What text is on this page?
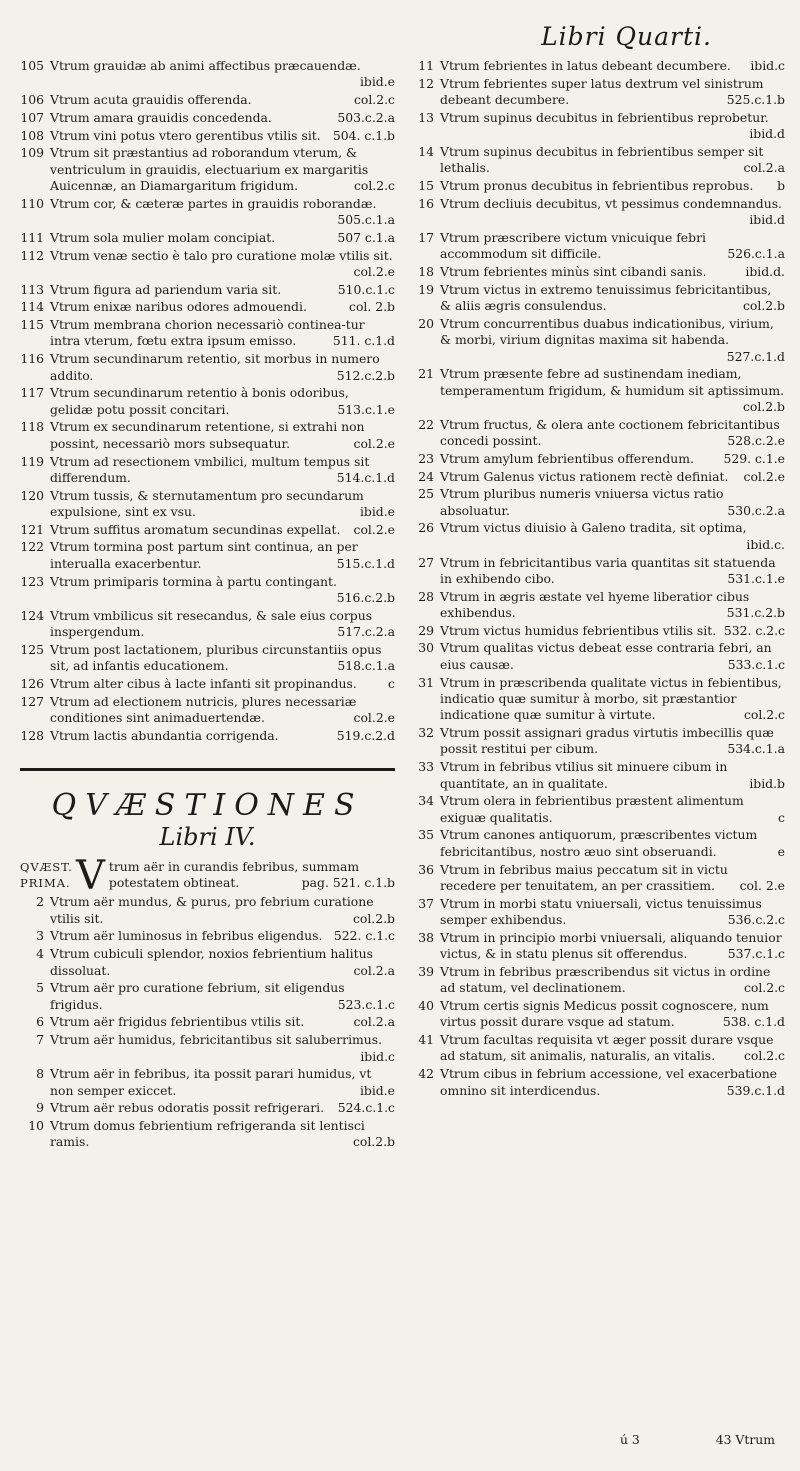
Libri Quarti.
105 Vtrum grauidæ ab animi affectibus præcauendæ.
ibid.e
106 Vtrum acuta grauidis offerenda.	col.2.c
107 Vtrum amara grauidis concedenda.	503.c.2.a
108 Vtrum vini potus vtero gerentibus vtilis sit. 504. c.1.b
109 Vtrum sit præstantius ad roborandum vterum, & ventriculum in grauidis, electuarium ex margaritis Auicennæ, an Diamargaritum frigidum.	col.2.c
110 Vtrum cor, & cæteræ partes in grauidis roborandæ.
505.c.1.a
111 Vtrum sola mulier molam concipiat.	507 c.1.a
112 Vtrum venæ sectio è talo pro curatione molæ vtilis sit.
col.2.e
113 Vtrum figura ad pariendum varia sit.	510.c.1.c
114 Vtrum enixæ naribus odores admouendi.	col. 2.b
115 Vtrum membrana chorion necessariò continea-tur intra vterum, fœtu extra ipsum emisso.	511. c.1.d
116 Vtrum secundinarum retentio, sit morbus in numero addito.	512.c.2.b
117 Vtrum secundinarum retentio à bonis odoribus, gelidæ potu possit concitari.	513.c.1.e
118 Vtrum ex secundinarum retentione, si extrahi non possint, necessariò mors subsequatur.	col.2.e
119 Vtrum ad resectionem vmbilici, multum tempus sit differendum.	514.c.1.d
120 Vtrum tussis, & sternutamentum pro secundarum expulsione, sint ex vsu.	ibid.e
121 Vtrum suffitus aromatum secundinas expellat. col.2.e
122 Vtrum tormina post partum sint continua, an per interualla exacerbentur.	515.c.1.d
123 Vtrum primiparis tormina à partu contingant.
516.c.2.b
124 Vtrum vmbilicus sit resecandus, & sale eius corpus inspergendum.	517.c.2.a
125 Vtrum post lactationem, pluribus circunstantiis opus sit, ad infantis educationem.	518.c.1.a
126 Vtrum alter cibus à lacte infanti sit propinandus.	c
127 Vtrum ad electionem nutricis, plures necessariæ conditiones sint animaduertendæ.	col.2.e
128 Vtrum lactis abundantia corrigenda.	519.c.2.d
QVÆSTIONES
Libri IV.
QVÆST. PRIMA. Vtrum aër in curandis febribus, summam potestatem obtineat.	pag. 521. c.1.b
2 Vtrum aër mundus, & purus, pro febrium curatione vtilis sit.	col.2.b
3 Vtrum aër luminosus in febribus eligendus. 522. c.1.c
4 Vtrum cubiculi splendor, noxios febrientium halitus dissoluat.	col.2.a
5 Vtrum aër pro curatione febrium, sit eligendus frigidus.	523.c.1.c
6 Vtrum aër frigidus febrientibus vtilis sit.	col.2.a
7 Vtrum aër humidus, febricitantibus sit saluberrimus.
ibid.c
8 Vtrum aër in febribus, ita possit parari humidus, vt non semper exiccet.	ibid.e
9 Vtrum aër rebus odoratis possit refrigerari. 524.c.1.c
10 Vtrum domus febrientium refrigeranda sit lentisci ramis.	col.2.b
11 Vtrum febrientes in latus debeant decumbere. ibid.c
12 Vtrum febrientes super latus dextrum vel sinistrum debeant decumbere.	525.c.1.b
13 Vtrum supinus decubitus in febrientibus reprobetur.
ibid.d
14 Vtrum supinus decubitus in febrientibus semper sit lethalis.	col.2.a
15 Vtrum pronus decubitus in febrientibus reprobus. b
16 Vtrum decliuis decubitus, vt pessimus condemnandus.
ibid.d
17 Vtrum præscribere victum vnicuique febri accommodum sit difficile.	526.c.1.a
18 Vtrum febrientes minùs sint cibandi sanis.	ibid.d.
19 Vtrum victus in extremo tenuissimus febricitantibus, & aliis ægris consulendus.	col.2.b
20 Vtrum concurrentibus duabus indicationibus, virium, & morbi, virium dignitas maxima sit habenda.
527.c.1.d
21 Vtrum præsente febre ad sustinendam inediam, temperamentum frigidum, & humidum sit aptissimum.
col.2.b
22 Vtrum fructus, & olera ante coctionem febricitantibus concedi possint.	528.c.2.e
23 Vtrum amylum febrientibus offerendum. 529. c.1.e
24 Vtrum Galenus victus rationem rectè definiat. col.2.e
25 Vtrum pluribus numeris vniuersa victus ratio absoluatur.	530.c.2.a
26 Vtrum victus diuisio à Galeno tradita, sit optima,
ibid.c.
27 Vtrum in febricitantibus varia quantitas sit statuenda in exhibendo cibo.	531.c.1.e
28 Vtrum in ægris æstate vel hyeme liberatior cibus exhibendus.	531.c.2.b
29 Vtrum victus humidus febrientibus vtilis sit. 532. c.2.c
30 Vtrum qualitas victus debeat esse contraria febri, an eius causæ.	533.c.1.c
31 Vtrum in præscribenda qualitate victus in febientibus, indicatio quæ sumitur à morbo, sit præstantior indicatione quæ sumitur à virtute.	col.2.c
32 Vtrum possit assignari gradus virtutis imbecillis quæ possit restitui per cibum.	534.c.1.a
33 Vtrum in febribus vtilius sit minuere cibum in quantitate, an in qualitate.	ibid.b
34 Vtrum olera in febrientibus præstent alimentum exiguæ qualitatis.	c
35 Vtrum canones antiquorum, præscribentes victum febricitantibus, nostro æuo sint obseruandi.	e
36 Vtrum in febribus maius peccatum sit in victu recedere per tenuitatem, an per crassitiem. col. 2.e
37 Vtrum in morbi statu vniuersali, victus tenuissimus semper exhibendus.	536.c.2.c
38 Vtrum in principio morbi vniuersali, aliquando tenuior victus, & in statu plenus sit offerendus.	537.c.1.c
39 Vtrum in febribus præscribendus sit victus in ordine ad statum, vel declinationem.	col.2.c
40 Vtrum certis signis Medicus possit cognoscere, num virtus possit durare vsque ad statum.	538. c.1.d
41 Vtrum facultas requisita vt æger possit durare vsque ad statum, sit animalis, naturalis, an vitalis. col.2.c
42 Vtrum cibus in febrium accessione, vel exacerbatione omnino sit interdicendus.	539.c.1.d
ú 3	43 Vtrum
